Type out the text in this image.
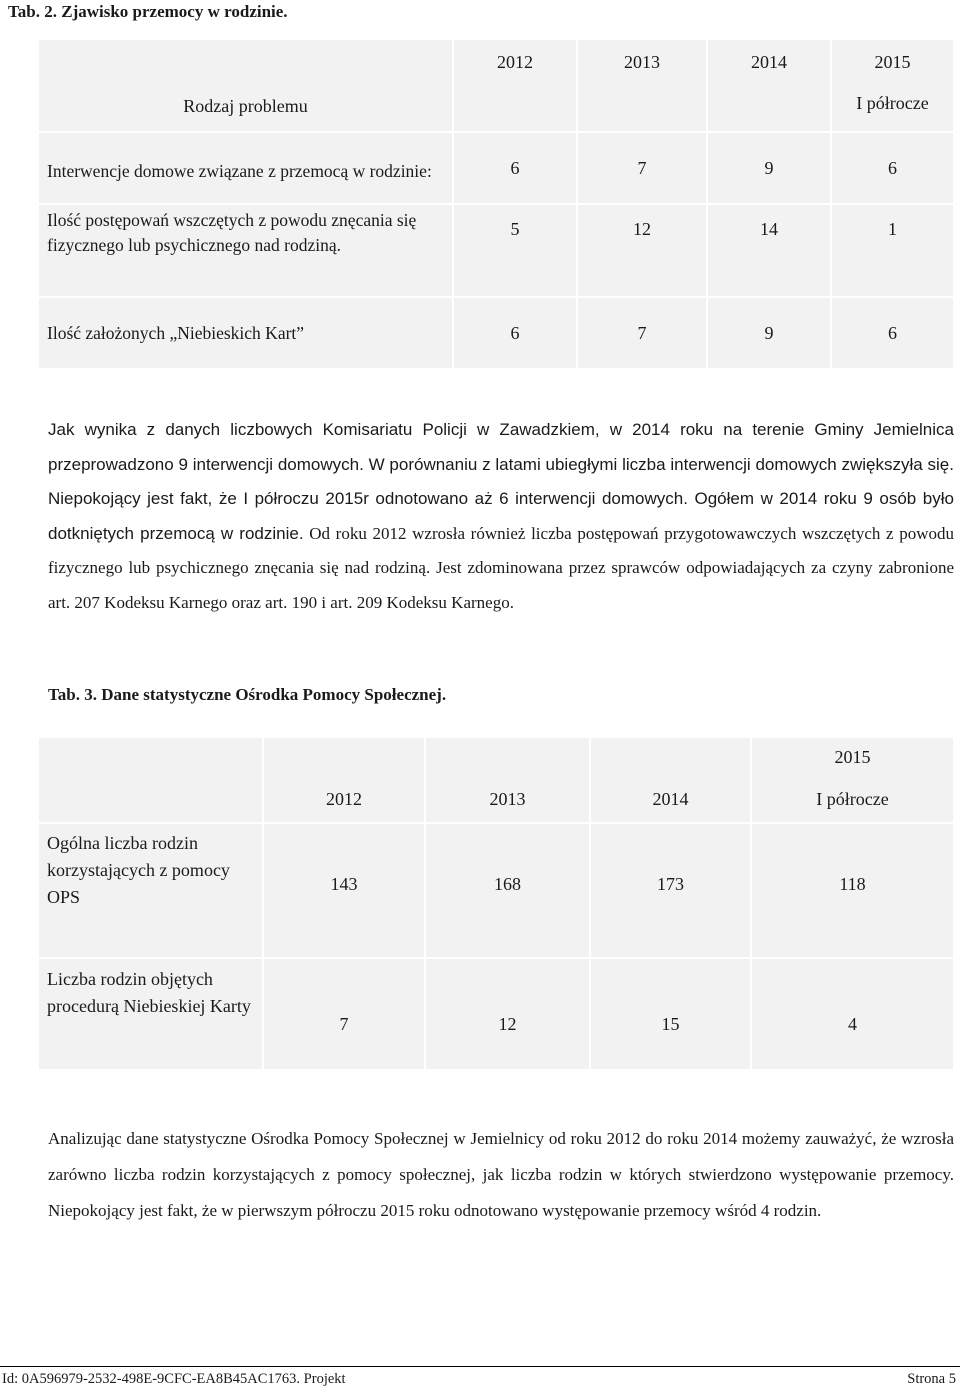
Tab. 2. Zjawisko przemocy w rodzinie.
Rodzaj problemu	2012	2013	2014	2015
I półrocze

Interwencje domowe związane z przemocą w rodzinie:	6	7	9	6
Ilość postępowań wszczętych z powodu znęcania się fizycznego lub psychicznego nad rodziną.	5	12	14	1
Ilość założonych „Niebieskich Kart”	6	7	9	6
Jak wynika z danych liczbowych Komisariatu Policji w Zawadzkiem, w 2014 roku na terenie Gminy Jemielnica przeprowadzono 9 interwencji domowych. W porównaniu z latami ubiegłymi liczba interwencji domowych zwiększyła się. Niepokojący jest fakt, że I półroczu 2015r odnotowano aż 6 interwencji domowych. Ogółem w 2014 roku 9 osób było dotkniętych przemocą w rodzinie. Od roku 2012 wzrosła również liczba postępowań przygotowawczych wszczętych z powodu fizycznego lub psychicznego znęcania się nad rodziną. Jest zdominowana przez sprawców odpowiadających za czyny zabronione art. 207 Kodeksu Karnego oraz art. 190 i art. 209 Kodeksu Karnego.
Tab. 3. Dane statystyczne Ośrodka Pomocy Społecznej.
	2012	2013	2014	2015
I półrocze

Ogólna liczba rodzin korzystających z pomocy OPS	143	168	173	118
Liczba rodzin objętych procedurą Niebieskiej Karty	7	12	15	4
Analizując dane statystyczne Ośrodka Pomocy Społecznej w Jemielnicy od roku 2012 do roku 2014 możemy zauważyć, że wzrosła zarówno liczba rodzin korzystających z pomocy społecznej, jak liczba rodzin w których stwierdzono występowanie przemocy. Niepokojący jest fakt, że w pierwszym półroczu 2015 roku odnotowano występowanie przemocy wśród 4 rodzin.
Id: 0A596979-2532-498E-9CFC-EA8B45AC1763. Projekt	Strona 5
